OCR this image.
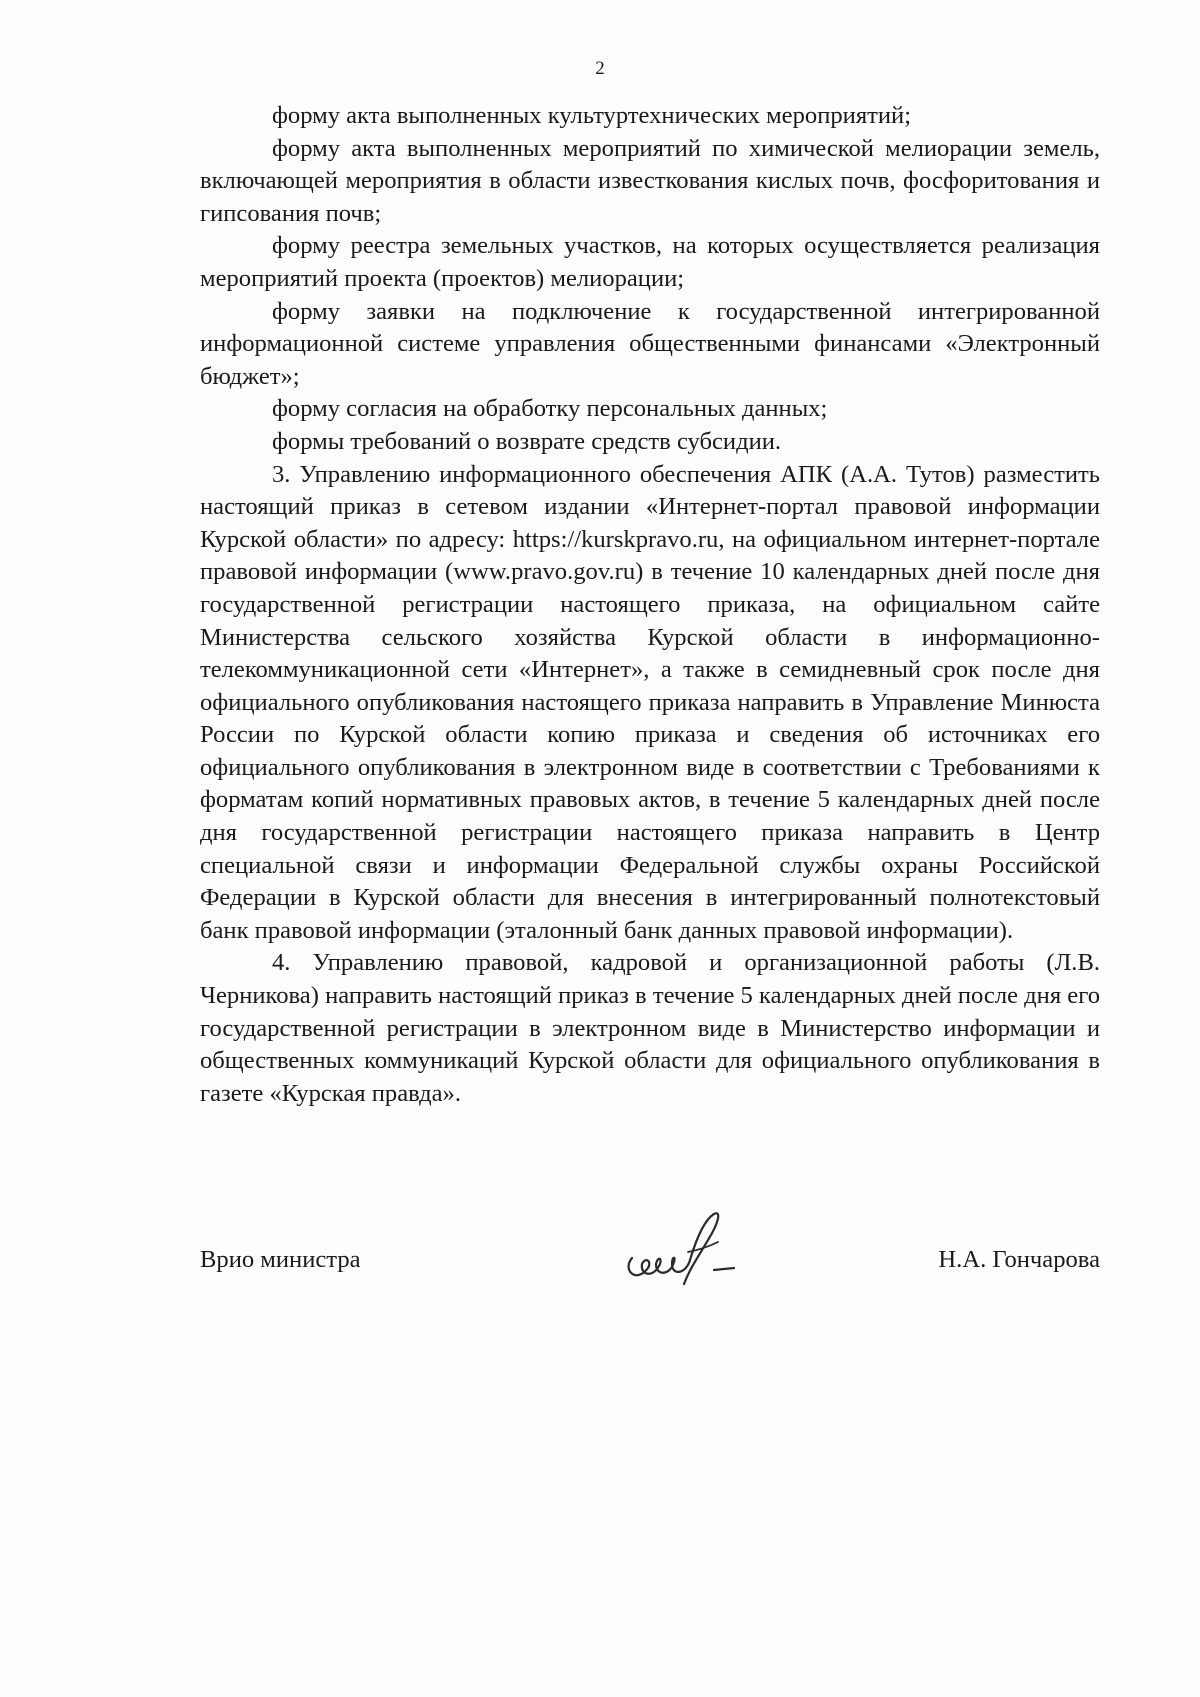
2

форму акта выполненных культуртехнических мероприятий;

форму акта выполненных мероприятий по химической мелиорации земель, включающей мероприятия в области известкования кислых почв, фосфоритования и гипсования почв;

форму реестра земельных участков, на которых осуществляется реализация мероприятий проекта (проектов) мелиорации;

форму заявки на подключение к государственной интегрированной информационной системе управления общественными финансами «Электронный бюджет»;

форму согласия на обработку персональных данных;

формы требований о возврате средств субсидии.

3. Управлению информационного обеспечения АПК (А.А. Тутов) разместить настоящий приказ в сетевом издании «Интернет-портал правовой информации Курской области» по адресу: https://kurskpravo.ru, на официальном интернет-портале правовой информации (www.pravo.gov.ru) в течение 10 календарных дней после дня государственной регистрации настоящего приказа, на официальном сайте Министерства сельского хозяйства Курской области в информационно-телекоммуникационной сети «Интернет», а также в семидневный срок после дня официального опубликования настоящего приказа направить в Управление Минюста России по Курской области копию приказа и сведения об источниках его официального опубликования в электронном виде в соответствии с Требованиями к форматам копий нормативных правовых актов, в течение 5 календарных дней после дня государственной регистрации настоящего приказа направить в Центр специальной связи и информации Федеральной службы охраны Российской Федерации в Курской области для внесения в интегрированный полнотекстовый банк правовой информации (эталонный банк данных правовой информации).

4. Управлению правовой, кадровой и организационной работы (Л.В. Черникова) направить настоящий приказ в течение 5 календарных дней после дня его государственной регистрации в электронном виде в Министерство информации и общественных коммуникаций Курской области для официального опубликования в газете «Курская правда».

Врио министра	Н.А. Гончарова
